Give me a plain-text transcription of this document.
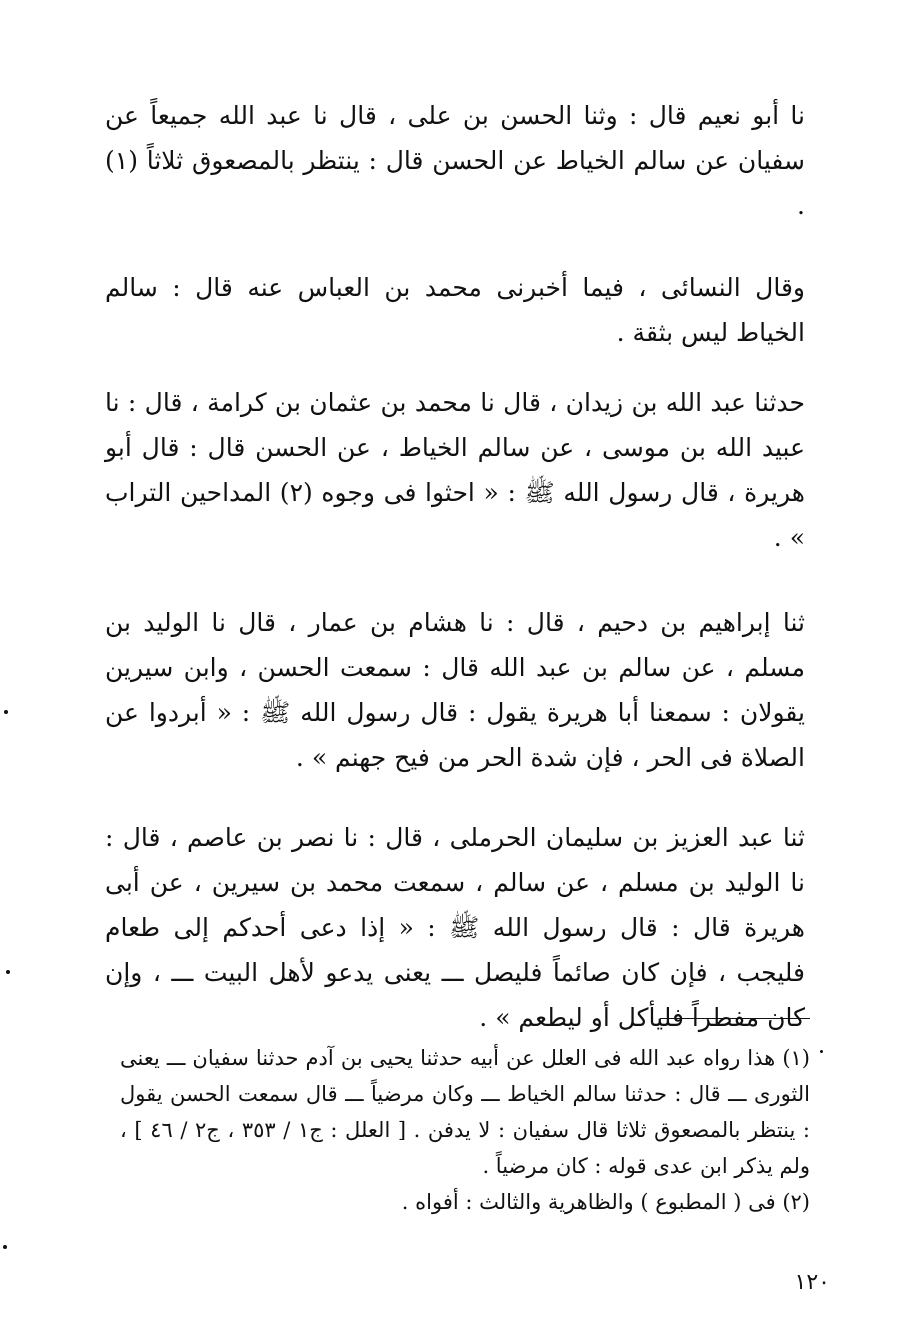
نا أبو نعيم قال : وثنا الحسن بن على ، قال نا عبد الله جميعاً عن سفيان عن سالم الخياط عن الحسن قال : ينتظر بالمصعوق ثلاثاً (١) .

وقال النسائى ، فيما أخبرنى محمد بن العباس عنه قال : سالم الخياط ليس بثقة .

حدثنا عبد الله بن زيدان ، قال نا محمد بن عثمان بن كرامة ، قال : نا عبيد الله بن موسى ، عن سالم الخياط ، عن الحسن قال : قال أبو هريرة ، قال رسول الله ﷺ : « احثوا فى وجوه (٢) المداحين التراب » .

ثنا إبراهيم بن دحيم ، قال : نا هشام بن عمار ، قال نا الوليد بن مسلم ، عن سالم بن عبد الله قال : سمعت الحسن ، وابن سيرين يقولان : سمعنا أبا هريرة يقول : قال رسول الله ﷺ : « أبردوا عن الصلاة فى الحر ، فإن شدة الحر من فيح جهنم » .

ثنا عبد العزيز بن سليمان الحرملى ، قال : نا نصر بن عاصم ، قال : نا الوليد بن مسلم ، عن سالم ، سمعت محمد بن سيرين ، عن أبى هريرة قال : قال رسول الله ﷺ : « إذا دعى أحدكم إلى طعام فليجب ، فإن كان صائماً فليصل ـــ يعنى يدعو لأهل البيت ـــ ، وإن كان مفطراً فليأكل أو ليطعم » .

(١) هذا رواه عبد الله فى العلل عن أبيه حدثنا يحيى بن آدم حدثنا سفيان ـــ يعنى الثورى ـــ قال : حدثنا سالم الخياط ـــ وكان مرضياً ـــ قال سمعت الحسن يقول : ينتظر بالمصعوق ثلاثا قال سفيان : لا يدفن . [ العلل : ج١ / ٣٥٣ ، ج٢ / ٤٦ ] ، ولم يذكر ابن عدى قوله : كان مرضياً .

(٢) فى ( المطبوع ) والظاهرية والثالث : أفواه .

١٢٠
